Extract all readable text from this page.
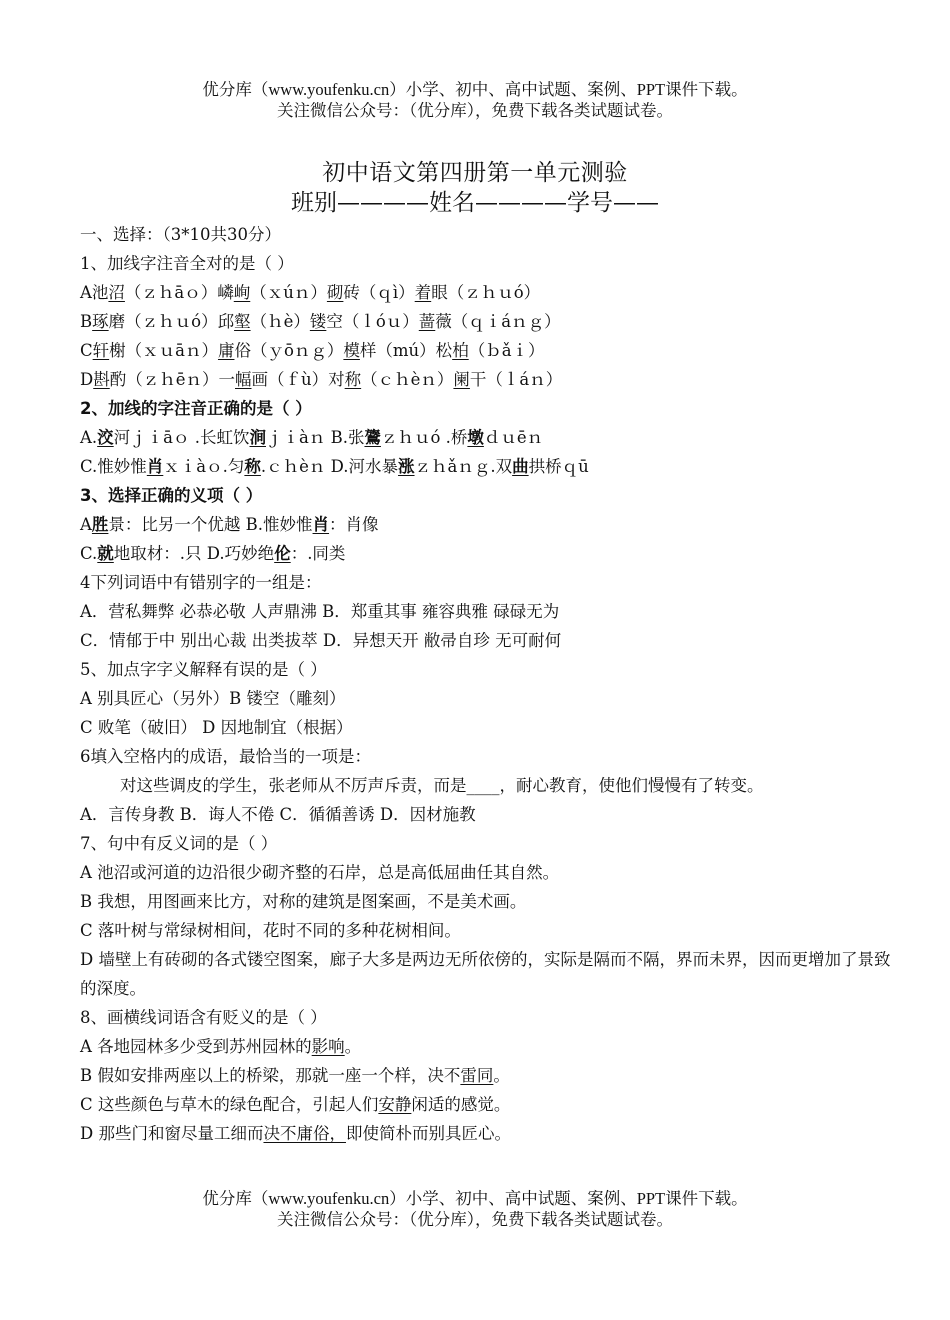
优分库（www.youfenku.cn）小学、初中、高中试题、案例、PPT课件下载。
关注微信公众号：（优分库），免费下载各类试题试卷。
初中语文第四册第一单元测验
班别————姓名————学号——
一、选择：（3*10共30分）
1、加线字注音全对的是（ ）
A池沼（ｚｈāｏ）嶙峋（ｘúｎ）砌砖（ｑì）着眼（ｚｈｕó）
B琢磨（ｚｈｕó）邱壑（ｈè）镂空（ｌóｕ）蔷薇（ｑｉáｎｇ）
C轩榭（ｘｕāｎ）庸俗（ｙōｎｇ）模样（mú）松柏（ｂǎｉ）
D斟酌（ｚｈēｎ）一幅画（ｆù）对称（ｃｈèｎ）阑干（ｌáｎ）
2、加线的字注音正确的是（ ）
A.洨河ｊｉāｏ .长虹饮涧ｊｉàｎ B.张鷟ｚｈｕó .桥墩ｄｕēｎ
C.惟妙惟肖ｘｉàｏ.匀称.ｃｈèｎ D.河水暴涨ｚｈǎｎｇ.双曲拱桥ｑū
3、选择正确的义项（ ）
A胜景：比另一个优越 B.惟妙惟肖：肖像
C.就地取材：.只 D.巧妙绝伦：.同类
4下列词语中有错别字的一组是：
A．营私舞弊 必恭必敬 人声鼎沸 B．郑重其事 雍容典雅 碌碌无为
C．情郁于中 别出心裁 出类拔萃 D．异想天开 敝帚自珍 无可耐何
5、加点字字义解释有误的是（ ）
A 别具匠心（另外）B 镂空（雕刻）
C 败笔（破旧） D 因地制宜（根据）
6填入空格内的成语，最恰当的一项是：
对这些调皮的学生，张老师从不厉声斥责，而是____，耐心教育，使他们慢慢有了转变。
A．言传身教 B．诲人不倦 C．循循善诱 D．因材施教
7、句中有反义词的是（ ）
A 池沼或河道的边沿很少砌齐整的石岸，总是高低屈曲任其自然。
B 我想，用图画来比方，对称的建筑是图案画，不是美术画。
C 落叶树与常绿树相间，花时不同的多种花树相间。
D 墙壁上有砖砌的各式镂空图案，廊子大多是两边无所依傍的，实际是隔而不隔，界而未界，因而更增加了景致的深度。
8、画横线词语含有贬义的是（ ）
A 各地园林多少受到苏州园林的影响。
B 假如安排两座以上的桥梁，那就一座一个样，决不雷同。
C 这些颜色与草木的绿色配合，引起人们安静闲适的感觉。
D 那些门和窗尽量工细而决不庸俗，即使简朴而别具匠心。
优分库（www.youfenku.cn）小学、初中、高中试题、案例、PPT课件下载。
关注微信公众号：（优分库），免费下载各类试题试卷。
